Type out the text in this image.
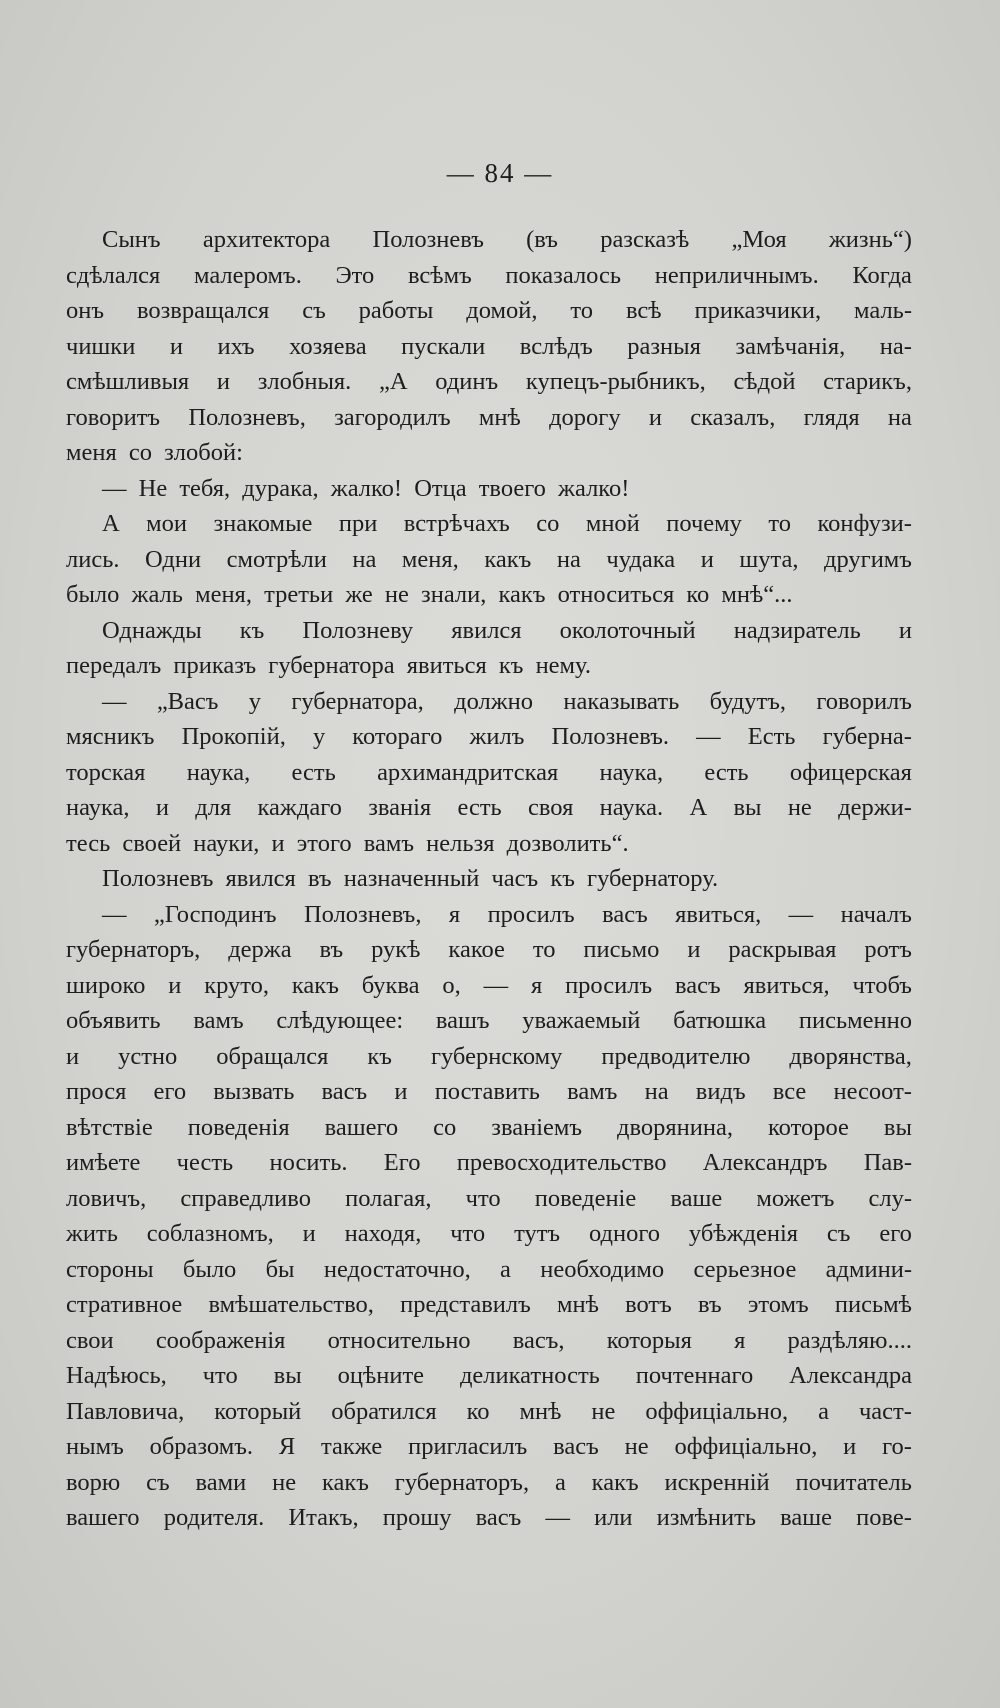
— 84 —
Сынъ архитектора Полозневъ (въ разсказѣ „Моя жизнь“)
сдѣлался малеромъ. Это всѣмъ показалось неприличнымъ. Когда
онъ возвращался съ работы домой, то всѣ приказчики, маль-
чишки и ихъ хозяева пускали вслѣдъ разныя замѣчанія, на-
смѣшливыя и злобныя. „А одинъ купецъ-рыбникъ, сѣдой старикъ,
говоритъ Полозневъ, загородилъ мнѣ дорогу и сказалъ, глядя на
меня со злобой:
— Не тебя, дурака, жалко! Отца твоего жалко!
А мои знакомые при встрѣчахъ со мной почему то конфузи-
лись. Одни смотрѣли на меня, какъ на чудака и шута, другимъ
было жаль меня, третьи же не знали, какъ относиться ко мнѣ“...
Однажды къ Полозневу явился околоточный надзиратель и
передалъ приказъ губернатора явиться къ нему.
— „Васъ у губернатора, должно наказывать будутъ, говорилъ
мясникъ Прокопій, у котораго жилъ Полозневъ. — Есть губерна-
торская наука, есть архимандритская наука, есть офицерская
наука, и для каждаго званія есть своя наука. А вы не держи-
тесь своей науки, и этого вамъ нельзя дозволить“.
Полозневъ явился въ назначенный часъ къ губернатору.
— „Господинъ Полозневъ, я просилъ васъ явиться, — началъ
губернаторъ, держа въ рукѣ какое то письмо и раскрывая ротъ
широко и круто, какъ буква о, — я просилъ васъ явиться, чтобъ
объявить вамъ слѣдующее: вашъ уважаемый батюшка письменно
и устно обращался къ губернскому предводителю дворянства,
прося его вызвать васъ и поставить вамъ на видъ все несоот-
вѣтствіе поведенія вашего со званіемъ дворянина, которое вы
имѣете честь носить. Его превосходительство Александръ Пав-
ловичъ, справедливо полагая, что поведеніе ваше можетъ слу-
жить соблазномъ, и находя, что тутъ одного убѣжденія съ его
стороны было бы недостаточно, а необходимо серьезное админи-
стративное вмѣшательство, представилъ мнѣ вотъ въ этомъ письмѣ
свои соображенія относительно васъ, которыя я раздѣляю....
Надѣюсь, что вы оцѣните деликатность почтеннаго Александра
Павловича, который обратился ко мнѣ не оффиціально, а част-
нымъ образомъ. Я также пригласилъ васъ не оффиціально, и го-
ворю съ вами не какъ губернаторъ, а какъ искренній почитатель
вашего родителя. Итакъ, прошу васъ — или измѣнить ваше пове-
